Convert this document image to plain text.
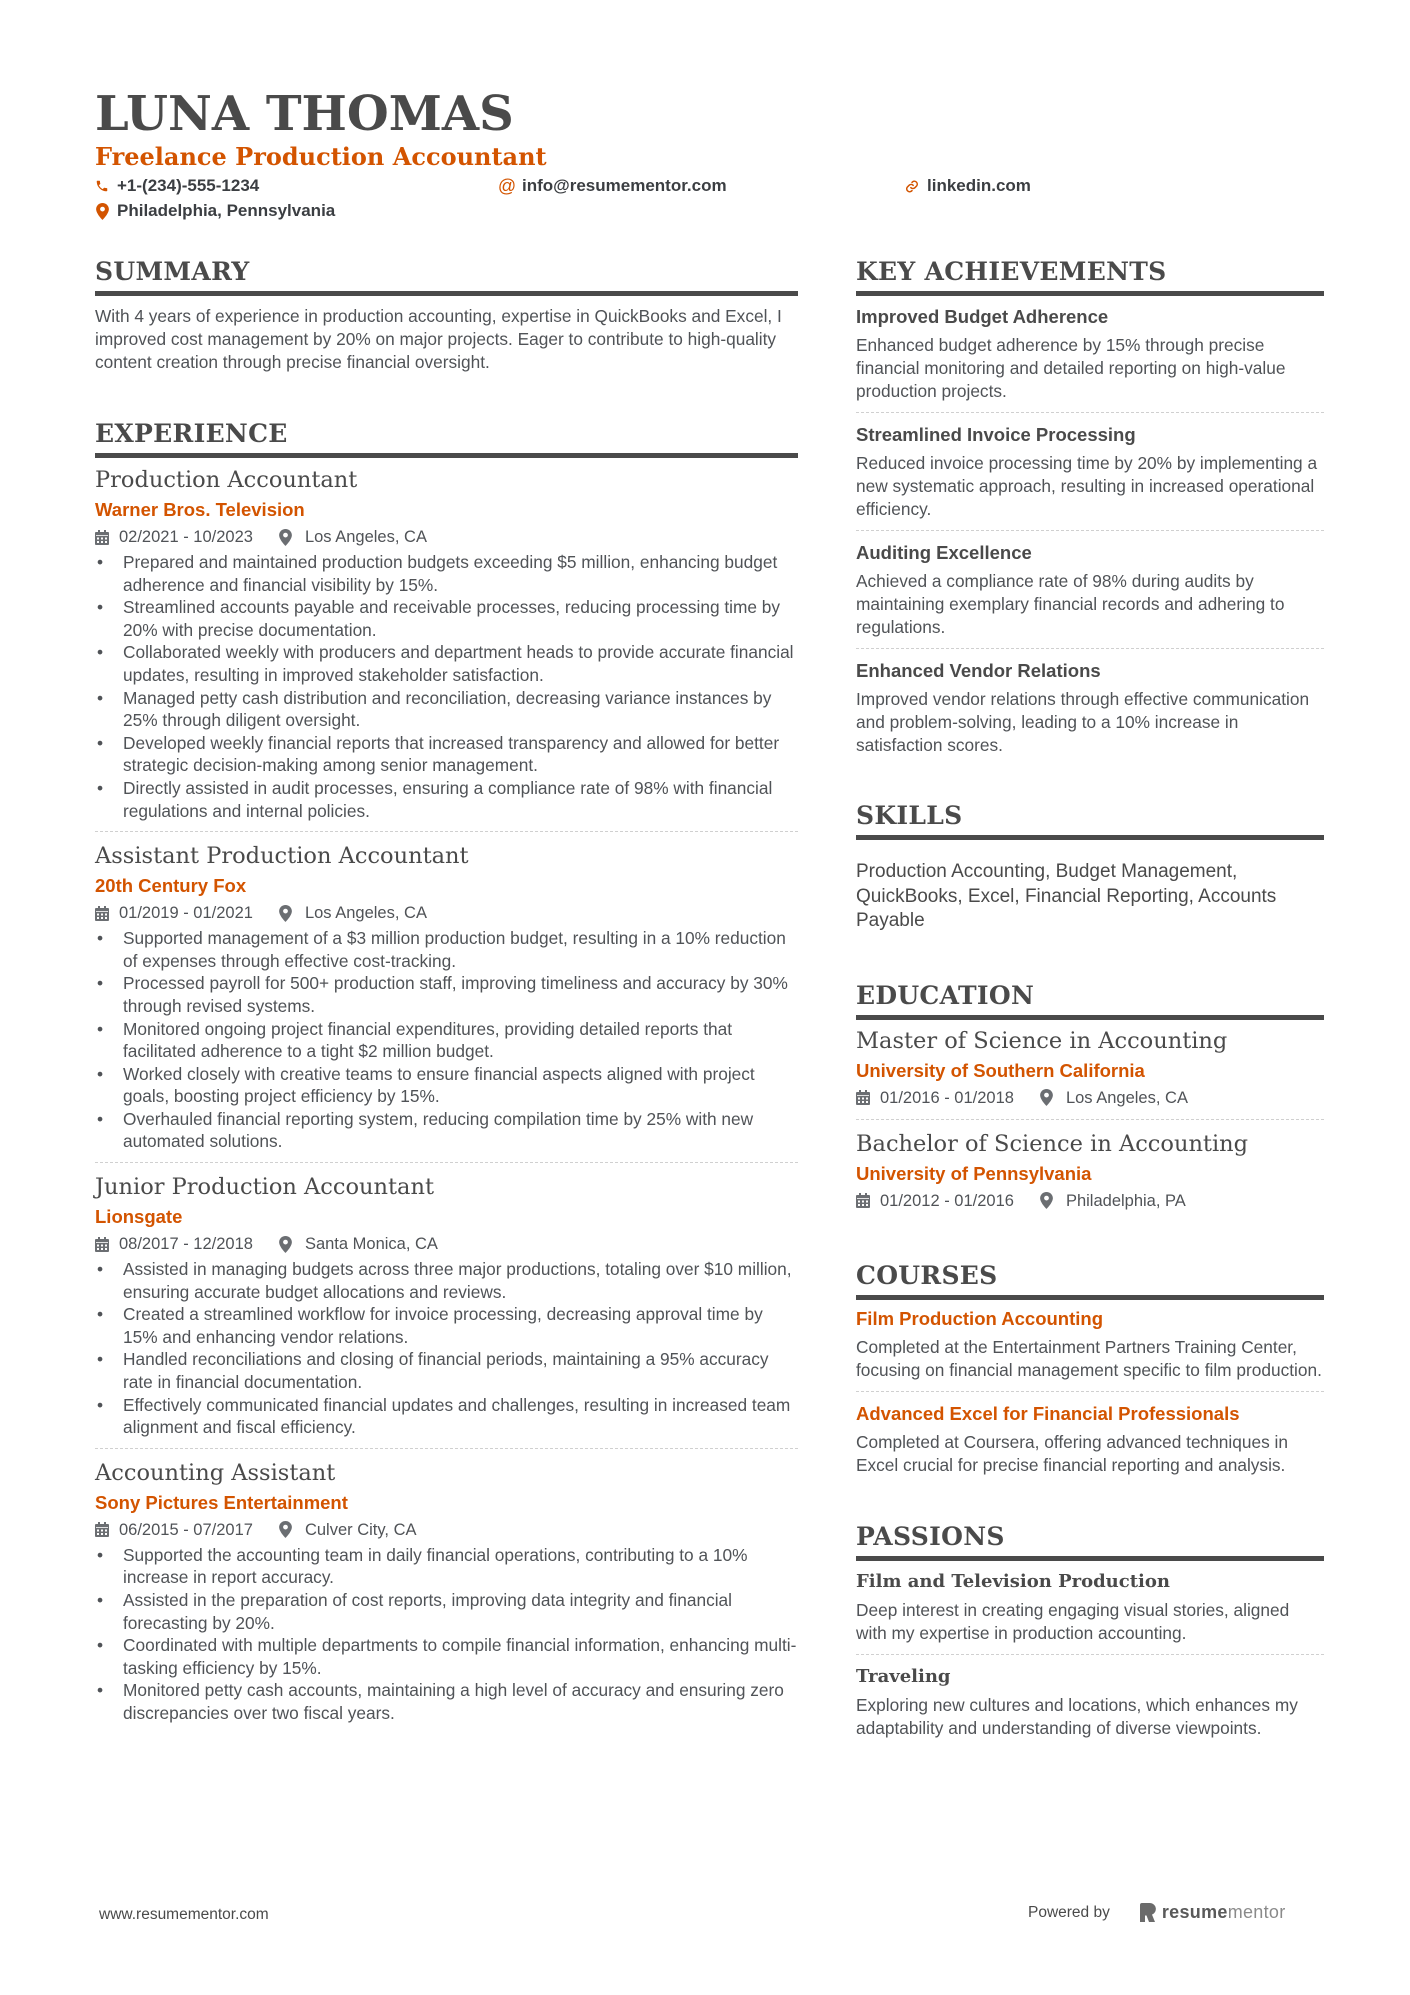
LUNA THOMAS
Freelance Production Accountant
+1-(234)-555-1234	@ info@resumementor.com	linkedin.com
Philadelphia, Pennsylvania
SUMMARY

With 4 years of experience in production accounting, expertise in QuickBooks and Excel, I improved cost management by 20% on major projects. Eager to contribute to high-quality content creation through precise financial oversight.

EXPERIENCE
Production Accountant
Warner Bros. Television
02/2021 - 10/2023	Los Angeles, CA
• Prepared and maintained production budgets exceeding $5 million, enhancing budget adherence and financial visibility by 15%.
• Streamlined accounts payable and receivable processes, reducing processing time by 20% with precise documentation.
• Collaborated weekly with producers and department heads to provide accurate financial updates, resulting in improved stakeholder satisfaction.
• Managed petty cash distribution and reconciliation, decreasing variance instances by 25% through diligent oversight.
• Developed weekly financial reports that increased transparency and allowed for better strategic decision-making among senior management.
• Directly assisted in audit processes, ensuring a compliance rate of 98% with financial regulations and internal policies.
Assistant Production Accountant
20th Century Fox
01/2019 - 01/2021	Los Angeles, CA
• Supported management of a $3 million production budget, resulting in a 10% reduction of expenses through effective cost-tracking.
• Processed payroll for 500+ production staff, improving timeliness and accuracy by 30% through revised systems.
• Monitored ongoing project financial expenditures, providing detailed reports that facilitated adherence to a tight $2 million budget.
• Worked closely with creative teams to ensure financial aspects aligned with project goals, boosting project efficiency by 15%.
• Overhauled financial reporting system, reducing compilation time by 25% with new automated solutions.
Junior Production Accountant
Lionsgate
08/2017 - 12/2018	Santa Monica, CA
• Assisted in managing budgets across three major productions, totaling over $10 million, ensuring accurate budget allocations and reviews.
• Created a streamlined workflow for invoice processing, decreasing approval time by 15% and enhancing vendor relations.
• Handled reconciliations and closing of financial periods, maintaining a 95% accuracy rate in financial documentation.
• Effectively communicated financial updates and challenges, resulting in increased team alignment and fiscal efficiency.
Accounting Assistant
Sony Pictures Entertainment
06/2015 - 07/2017	Culver City, CA
• Supported the accounting team in daily financial operations, contributing to a 10% increase in report accuracy.
• Assisted in the preparation of cost reports, improving data integrity and financial forecasting by 20%.
• Coordinated with multiple departments to compile financial information, enhancing multi-tasking efficiency by 15%.
• Monitored petty cash accounts, maintaining a high level of accuracy and ensuring zero discrepancies over two fiscal years.
KEY ACHIEVEMENTS
Improved Budget Adherence

Enhanced budget adherence by 15% through precise financial monitoring and detailed reporting on high-value production projects.

Streamlined Invoice Processing

Reduced invoice processing time by 20% by implementing a new systematic approach, resulting in increased operational efficiency.

Auditing Excellence

Achieved a compliance rate of 98% during audits by maintaining exemplary financial records and adhering to regulations.

Enhanced Vendor Relations

Improved vendor relations through effective communication and problem-solving, leading to a 10% increase in satisfaction scores.

SKILLS

Production Accounting, Budget Management, QuickBooks, Excel, Financial Reporting, Accounts Payable

EDUCATION
Master of Science in Accounting
University of Southern California
01/2016 - 01/2018	Los Angeles, CA
Bachelor of Science in Accounting
University of Pennsylvania
01/2012 - 01/2016	Philadelphia, PA
COURSES
Film Production Accounting

Completed at the Entertainment Partners Training Center, focusing on financial management specific to film production.

Advanced Excel for Financial Professionals

Completed at Coursera, offering advanced techniques in Excel crucial for precise financial reporting and analysis.

PASSIONS
Film and Television Production

Deep interest in creating engaging visual stories, aligned with my expertise in production accounting.

Traveling

Exploring new cultures and locations, which enhances my adaptability and understanding of diverse viewpoints.

www.resumementor.com	Powered by	resumementor
